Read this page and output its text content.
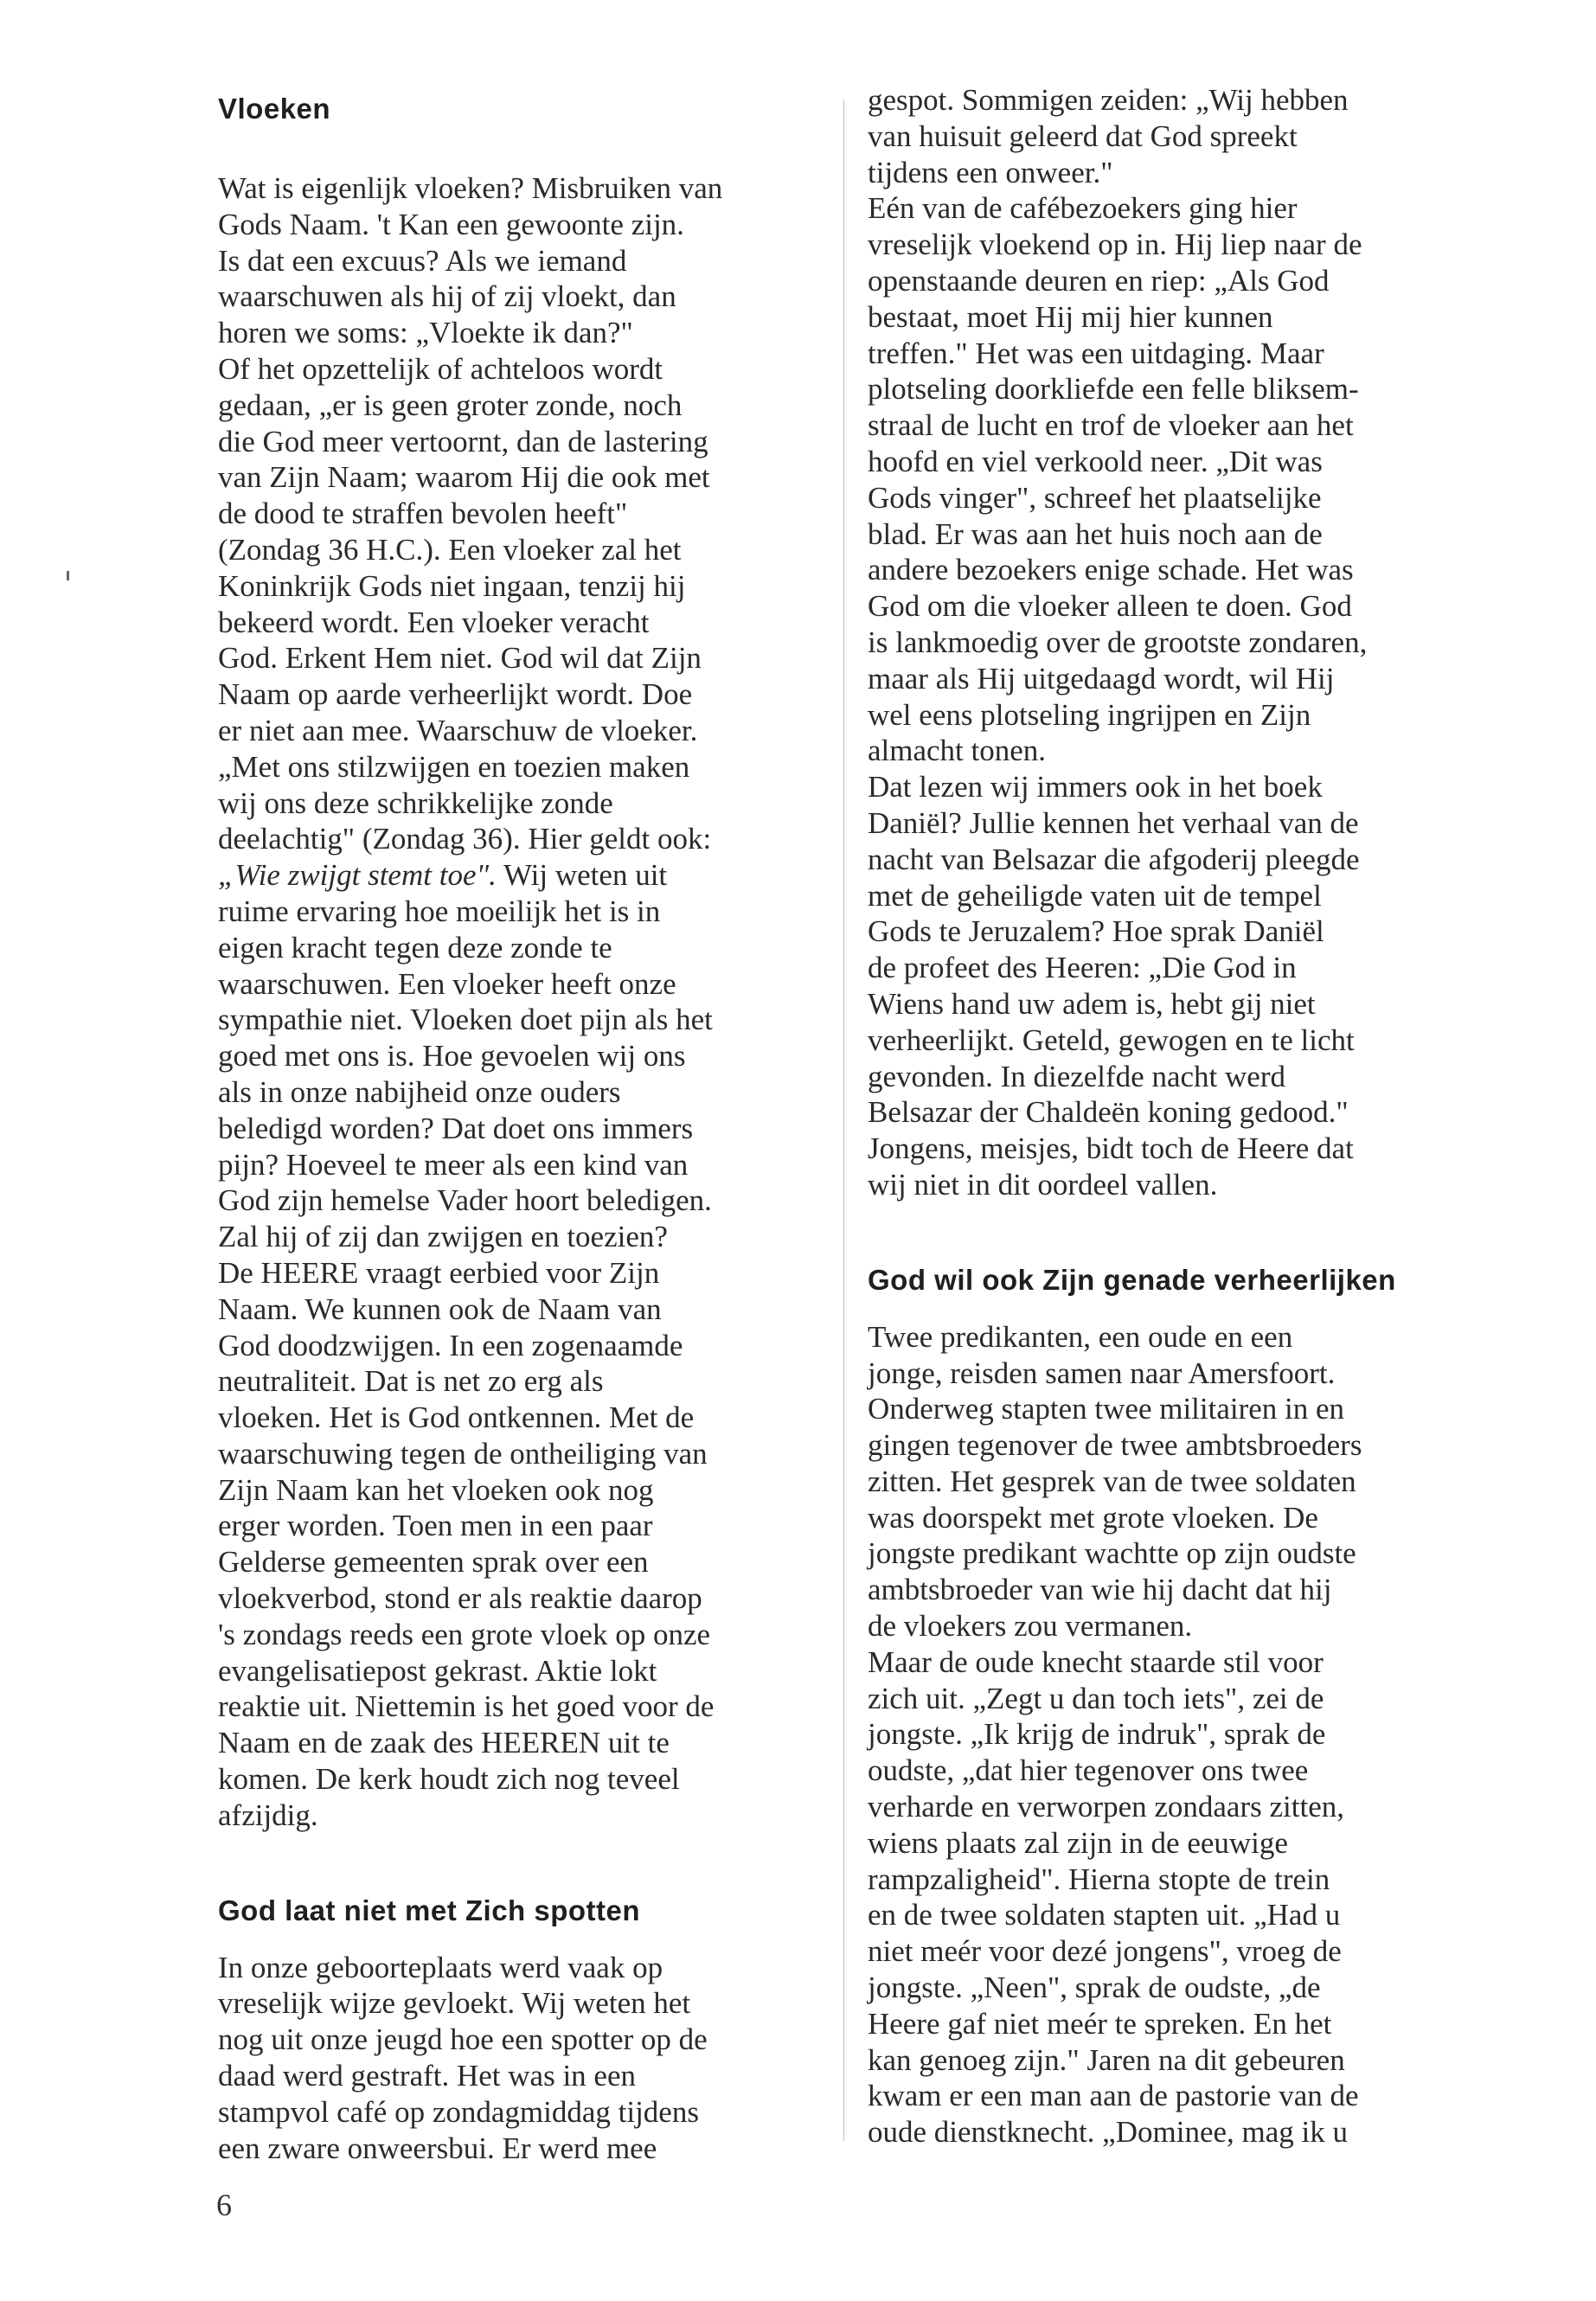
Vloeken

Wat is eigenlijk vloeken? Misbruiken van
Gods Naam. 't Kan een gewoonte zijn.
Is dat een excuus? Als we iemand
waarschuwen als hij of zij vloekt, dan
horen we soms: „Vloekte ik dan?"
Of het opzettelijk of achteloos wordt
gedaan, „er is geen groter zonde, noch
die God meer vertoornt, dan de lastering
van Zijn Naam; waarom Hij die ook met
de dood te straffen bevolen heeft"
(Zondag 36 H.C.). Een vloeker zal het
Koninkrijk Gods niet ingaan, tenzij hij
bekeerd wordt. Een vloeker veracht
God. Erkent Hem niet. God wil dat Zijn
Naam op aarde verheerlijkt wordt. Doe
er niet aan mee. Waarschuw de vloeker.
„Met ons stilzwijgen en toezien maken
wij ons deze schrikkelijke zonde
deelachtig" (Zondag 36). Hier geldt ook:
„Wie zwijgt stemt toe". Wij weten uit
ruime ervaring hoe moeilijk het is in
eigen kracht tegen deze zonde te
waarschuwen. Een vloeker heeft onze
sympathie niet. Vloeken doet pijn als het
goed met ons is. Hoe gevoelen wij ons
als in onze nabijheid onze ouders
beledigd worden? Dat doet ons immers
pijn? Hoeveel te meer als een kind van
God zijn hemelse Vader hoort beledigen.
Zal hij of zij dan zwijgen en toezien?
De HEERE vraagt eerbied voor Zijn
Naam. We kunnen ook de Naam van
God doodzwijgen. In een zogenaamde
neutraliteit. Dat is net zo erg als
vloeken. Het is God ontkennen. Met de
waarschuwing tegen de ontheiliging van
Zijn Naam kan het vloeken ook nog
erger worden. Toen men in een paar
Gelderse gemeenten sprak over een
vloekverbod, stond er als reaktie daarop
's zondags reeds een grote vloek op onze
evangelisatiepost gekrast. Aktie lokt
reaktie uit. Niettemin is het goed voor de
Naam en de zaak des HEEREN uit te
komen. De kerk houdt zich nog teveel
afzijdig.

God laat niet met Zich spotten

In onze geboorteplaats werd vaak op
vreselijk wijze gevloekt. Wij weten het
nog uit onze jeugd hoe een spotter op de
daad werd gestraft. Het was in een
stampvol café op zondagmiddag tijdens
een zware onweersbui. Er werd mee

gespot. Sommigen zeiden: „Wij hebben
van huisuit geleerd dat God spreekt
tijdens een onweer."
Eén van de cafébezoekers ging hier
vreselijk vloekend op in. Hij liep naar de
openstaande deuren en riep: „Als God
bestaat, moet Hij mij hier kunnen
treffen." Het was een uitdaging. Maar
plotseling doorkliefde een felle bliksem-
straal de lucht en trof de vloeker aan het
hoofd en viel verkoold neer. „Dit was
Gods vinger", schreef het plaatselijke
blad. Er was aan het huis noch aan de
andere bezoekers enige schade. Het was
God om die vloeker alleen te doen. God
is lankmoedig over de grootste zondaren,
maar als Hij uitgedaagd wordt, wil Hij
wel eens plotseling ingrijpen en Zijn
almacht tonen.
Dat lezen wij immers ook in het boek
Daniël? Jullie kennen het verhaal van de
nacht van Belsazar die afgoderij pleegde
met de geheiligde vaten uit de tempel
Gods te Jeruzalem? Hoe sprak Daniël
de profeet des Heeren: „Die God in
Wiens hand uw adem is, hebt gij niet
verheerlijkt. Geteld, gewogen en te licht
gevonden. In diezelfde nacht werd
Belsazar der Chaldeën koning gedood."
Jongens, meisjes, bidt toch de Heere dat
wij niet in dit oordeel vallen.

God wil ook Zijn genade verheerlijken

Twee predikanten, een oude en een
jonge, reisden samen naar Amersfoort.
Onderweg stapten twee militairen in en
gingen tegenover de twee ambtsbroeders
zitten. Het gesprek van de twee soldaten
was doorspekt met grote vloeken. De
jongste predikant wachtte op zijn oudste
ambtsbroeder van wie hij dacht dat hij
de vloekers zou vermanen.
Maar de oude knecht staarde stil voor
zich uit. „Zegt u dan toch iets", zei de
jongste. „Ik krijg de indruk", sprak de
oudste, „dat hier tegenover ons twee
verharde en verworpen zondaars zitten,
wiens plaats zal zijn in de eeuwige
rampzaligheid". Hierna stopte de trein
en de twee soldaten stapten uit. „Had u
niet meér voor dezé jongens", vroeg de
jongste. „Neen", sprak de oudste, „de
Heere gaf niet meér te spreken. En het
kan genoeg zijn." Jaren na dit gebeuren
kwam er een man aan de pastorie van de
oude dienstknecht. „Dominee, mag ik u

6
